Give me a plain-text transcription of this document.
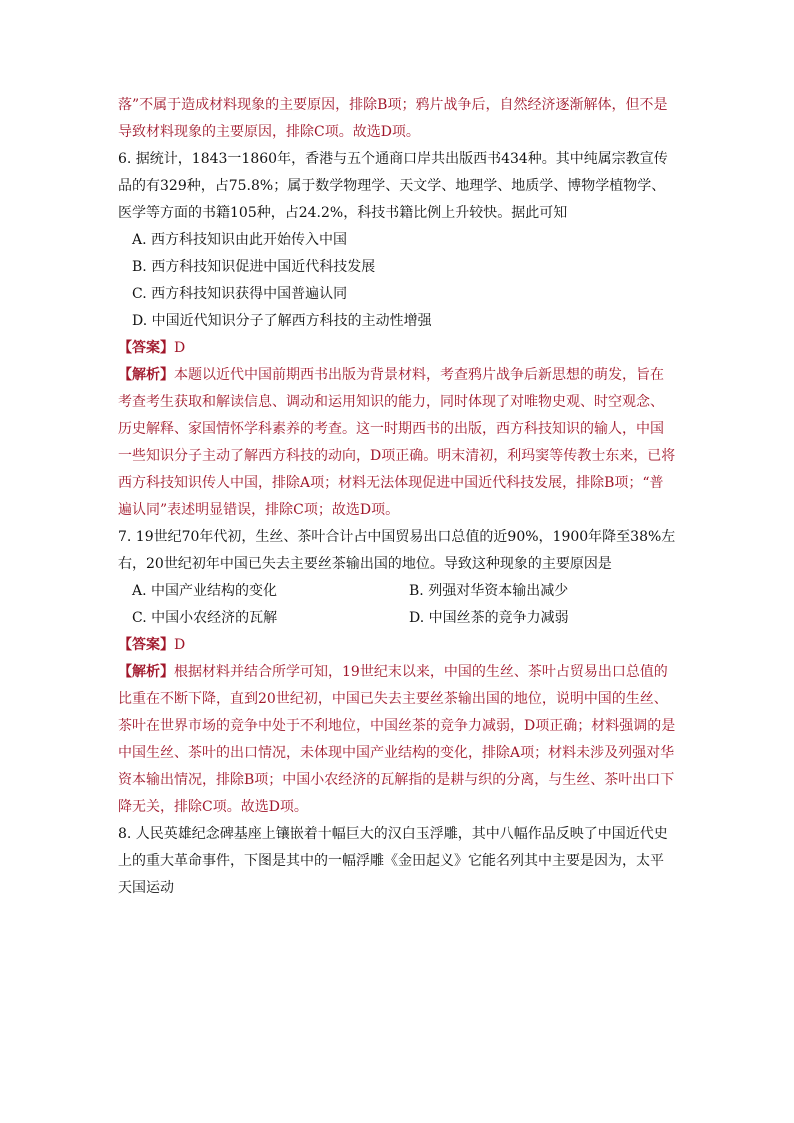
落”不属于造成材料现象的主要原因，排除B项；鸦片战争后，自然经济逐渐解体，但不是导致材料现象的主要原因，排除C项。故选D项。

6. 据统计，1843一1860年，香港与五个通商口岸共出版西书434种。其中纯属宗教宣传品的有329种，占75.8%；属于数学物理学、天文学、地理学、地质学、博物学植物学、医学等方面的书籍105种，占24.2%，科技书籍比例上升较快。据此可知

A. 西方科技知识由此开始传入中国

B. 西方科技知识促进中国近代科技发展

C. 西方科技知识获得中国普遍认同

D. 中国近代知识分子了解西方科技的主动性增强

【答案】D

【解析】本题以近代中国前期西书出版为背景材料，考查鸦片战争后新思想的萌发，旨在考查考生获取和解读信息、调动和运用知识的能力，同时体现了对唯物史观、时空观念、历史解释、家国情怀学科素养的考查。这一时期西书的出版，西方科技知识的输人，中国一些知识分子主动了解西方科技的动向，D项正确。明末清初，利玛窦等传教士东来，已将西方科技知识传人中国，排除A项；材料无法体现促进中国近代科技发展，排除B项；“普遍认同”表述明显错误，排除C项；故选D项。

7. 19世纪70年代初，生丝、茶叶合计占中国贸易出口总值的近90%，1900年降至38%左右，20世纪初年中国已失去主要丝茶输出国的地位。导致这种现象的主要原因是

A. 中国产业结构的变化	B. 列强对华资本输出减少
C. 中国小农经济的瓦解	D. 中国丝茶的竞争力减弱

【答案】D

【解析】根据材料并结合所学可知，19世纪末以来，中国的生丝、茶叶占贸易出口总值的比重在不断下降，直到20世纪初，中国已失去主要丝茶输出国的地位，说明中国的生丝、茶叶在世界市场的竞争中处于不利地位，中国丝茶的竞争力减弱，D项正确；材料强调的是中国生丝、茶叶的出口情况，未体现中国产业结构的变化，排除A项；材料未涉及列强对华资本输出情况，排除B项；中国小农经济的瓦解指的是耕与织的分离，与生丝、茶叶出口下降无关，排除C项。故选D项。

8. 人民英雄纪念碑基座上镶嵌着十幅巨大的汉白玉浮雕，其中八幅作品反映了中国近代史上的重大革命事件，下图是其中的一幅浮雕《金田起义》它能名列其中主要是因为，太平天国运动
